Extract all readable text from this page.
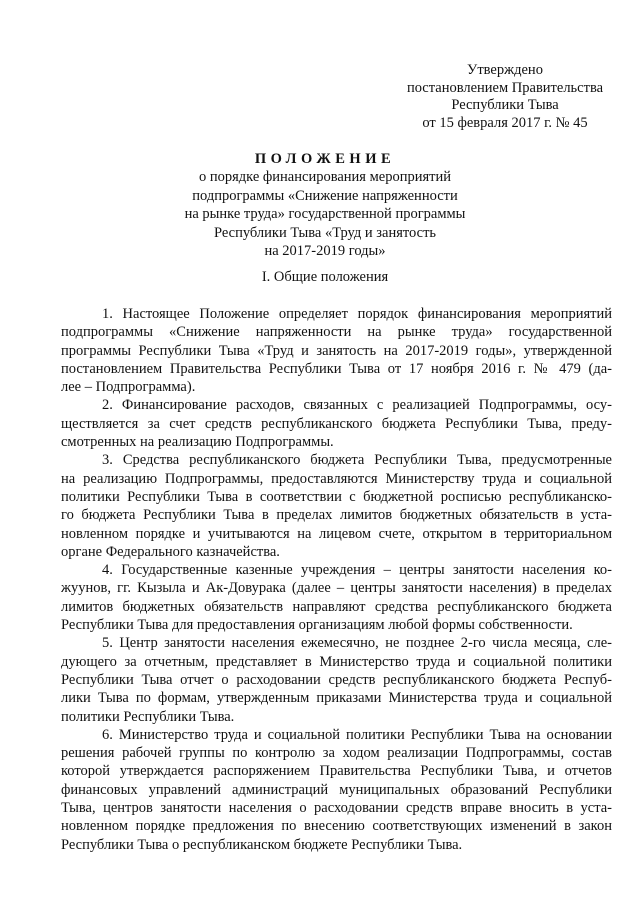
Утверждено
постановлением Правительства
Республики Тыва
от 15 февраля 2017 г. № 45
ПОЛОЖЕНИЕ
о порядке финансирования мероприятий
подпрограммы «Снижение напряженности
на рынке труда» государственной программы
Республики Тыва «Труд и занятость
на 2017-2019 годы»
I. Общие положения
1. Настоящее Положение определяет порядок финансирования мероприятий
подпрограммы «Снижение напряженности на рынке труда» государственной
программы Республики Тыва «Труд и занятость на 2017-2019 годы», утвержденной
постановлением Правительства Республики Тыва от 17 ноября 2016 г. № 479 (да-
лее – Подпрограмма).
2. Финансирование расходов, связанных с реализацией Подпрограммы, осу-
ществляется за счет средств республиканского бюджета Республики Тыва, преду-
смотренных на реализацию Подпрограммы.
3. Средства республиканского бюджета Республики Тыва, предусмотренные
на реализацию Подпрограммы, предоставляются Министерству труда и социальной
политики Республики Тыва в соответствии с бюджетной росписью республиканско-
го бюджета Республики Тыва в пределах лимитов бюджетных обязательств в уста-
новленном порядке и учитываются на лицевом счете, открытом в территориальном
органе Федерального казначейства.
4. Государственные казенные учреждения – центры занятости населения ко-
жуунов, гг. Кызыла и Ак-Довурака (далее – центры занятости населения) в пределах
лимитов бюджетных обязательств направляют средства республиканского бюджета
Республики Тыва для предоставления организациям любой формы собственности.
5. Центр занятости населения ежемесячно, не позднее 2-го числа месяца, сле-
дующего за отчетным, представляет в Министерство труда и социальной политики
Республики Тыва отчет о расходовании средств республиканского бюджета Респуб-
лики Тыва по формам, утвержденным приказами Министерства труда и социальной
политики Республики Тыва.
6. Министерство труда и социальной политики Республики Тыва на основании
решения рабочей группы по контролю за ходом реализации Подпрограммы, состав
которой утверждается распоряжением Правительства Республики Тыва, и отчетов
финансовых управлений администраций муниципальных образований Республики
Тыва, центров занятости населения о расходовании средств вправе вносить в уста-
новленном порядке предложения по внесению соответствующих изменений в закон
Республики Тыва о республиканском бюджете Республики Тыва.
